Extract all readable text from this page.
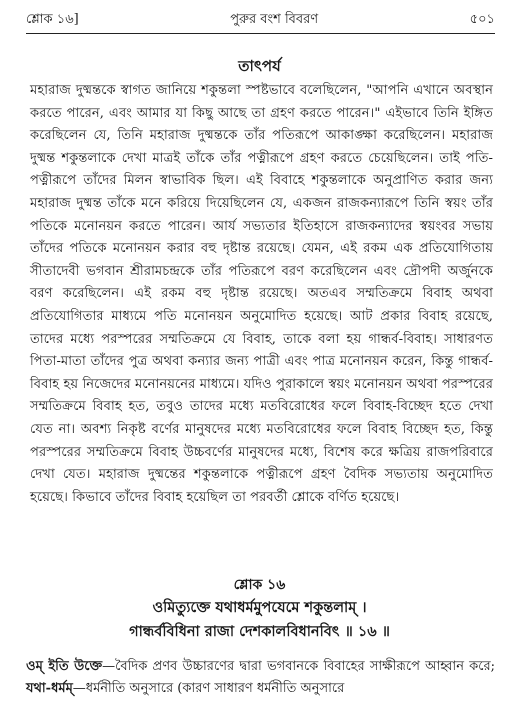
শ্লোক ১৬]	পুরুর বংশ বিবরণ	৫০১
তাৎপর্য

মহারাজ দুষ্মন্তকে স্বাগত জানিয়ে শকুন্তলা স্পষ্টভাবে বলেছিলেন, "আপনি এখানে অবস্থান করতে পারেন, এবং আমার যা কিছু আছে তা গ্রহণ করতে পারেন।" এইভাবে তিনি ইঙ্গিত করেছিলেন যে, তিনি মহারাজ দুষ্মন্তকে তাঁর পতিরূপে আকাঙ্ক্ষা করেছিলেন। মহারাজ দুষ্মন্ত শকুন্তলাকে দেখা মাত্রই তাঁকে তাঁর পত্নীরূপে গ্রহণ করতে চেয়েছিলেন। তাই পতি-পত্নীরূপে তাঁদের মিলন স্বাভাবিক ছিল। এই বিবাহে শকুন্তলাকে অনুপ্রাণিত করার জন্য মহারাজ দুষ্মন্ত তাঁকে মনে করিয়ে দিয়েছিলেন যে, একজন রাজকন্যারূপে তিনি স্বয়ং তাঁর পতিকে মনোনয়ন করতে পারেন। আর্য সভ্যতার ইতিহাসে রাজকন্যাদের স্বয়ংবর সভায় তাঁদের পতিকে মনোনয়ন করার বহু দৃষ্টান্ত রয়েছে। যেমন, এই রকম এক প্রতিযোগিতায় সীতাদেবী ভগবান শ্রীরামচন্দ্রকে তাঁর পতিরূপে বরণ করেছিলেন এবং দ্রৌপদী অর্জুনকে বরণ করেছিলেন। এই রকম বহু দৃষ্টান্ত রয়েছে। অতএব সম্মতিক্রমে বিবাহ অথবা প্রতিযোগিতার মাধ্যমে পতি মনোনয়ন অনুমোদিত হয়েছে। আট প্রকার বিবাহ রয়েছে, তাদের মধ্যে পরস্পরের সম্মতিক্রমে যে বিবাহ, তাকে বলা হয় গান্ধর্ব-বিবাহ। সাধারণত পিতা-মাতা তাঁদের পুত্র অথবা কন্যার জন্য পাত্রী এবং পাত্র মনোনয়ন করেন, কিন্তু গান্ধর্ব-বিবাহ হয় নিজেদের মনোনয়নের মাধ্যমে। যদিও পুরাকালে স্বয়ং মনোনয়ন অথবা পরস্পরের সম্মতিক্রমে বিবাহ হত, তবুও তাদের মধ্যে মতবিরোধের ফলে বিবাহ-বিচ্ছেদ হতে দেখা যেত না। অবশ্য নিকৃষ্ট বর্ণের মানুষদের মধ্যে মতবিরোধের ফলে বিবাহ বিচ্ছেদ হত, কিন্তু পরস্পরের সম্মতিক্রমে বিবাহ উচ্চবর্ণের মানুষদের মধ্যে, বিশেষ করে ক্ষত্রিয় রাজপরিবারে দেখা যেত। মহারাজ দুষ্মন্তের শকুন্তলাকে পত্নীরূপে গ্রহণ বৈদিক সভ্যতায় অনুমোদিত হয়েছে। কিভাবে তাঁদের বিবাহ হয়েছিল তা পরবর্তী শ্লোকে বর্ণিত হয়েছে।

শ্লোক ১৬
ওমিত্যুক্তে যথাধর্মমুপযেমে শকুন্তলাম্ ।
গান্ধর্ববিধিনা রাজা দেশকালবিধানবিৎ ॥ ১৬ ॥

ওম্ ইতি উক্তে—বৈদিক প্রণব উচ্চারণের দ্বারা ভগবানকে বিবাহের সাক্ষীরূপে আহ্বান করে; যথা-ধর্মম্—ধর্মনীতি অনুসারে (কারণ সাধারণ ধর্মনীতি অনুসারে
